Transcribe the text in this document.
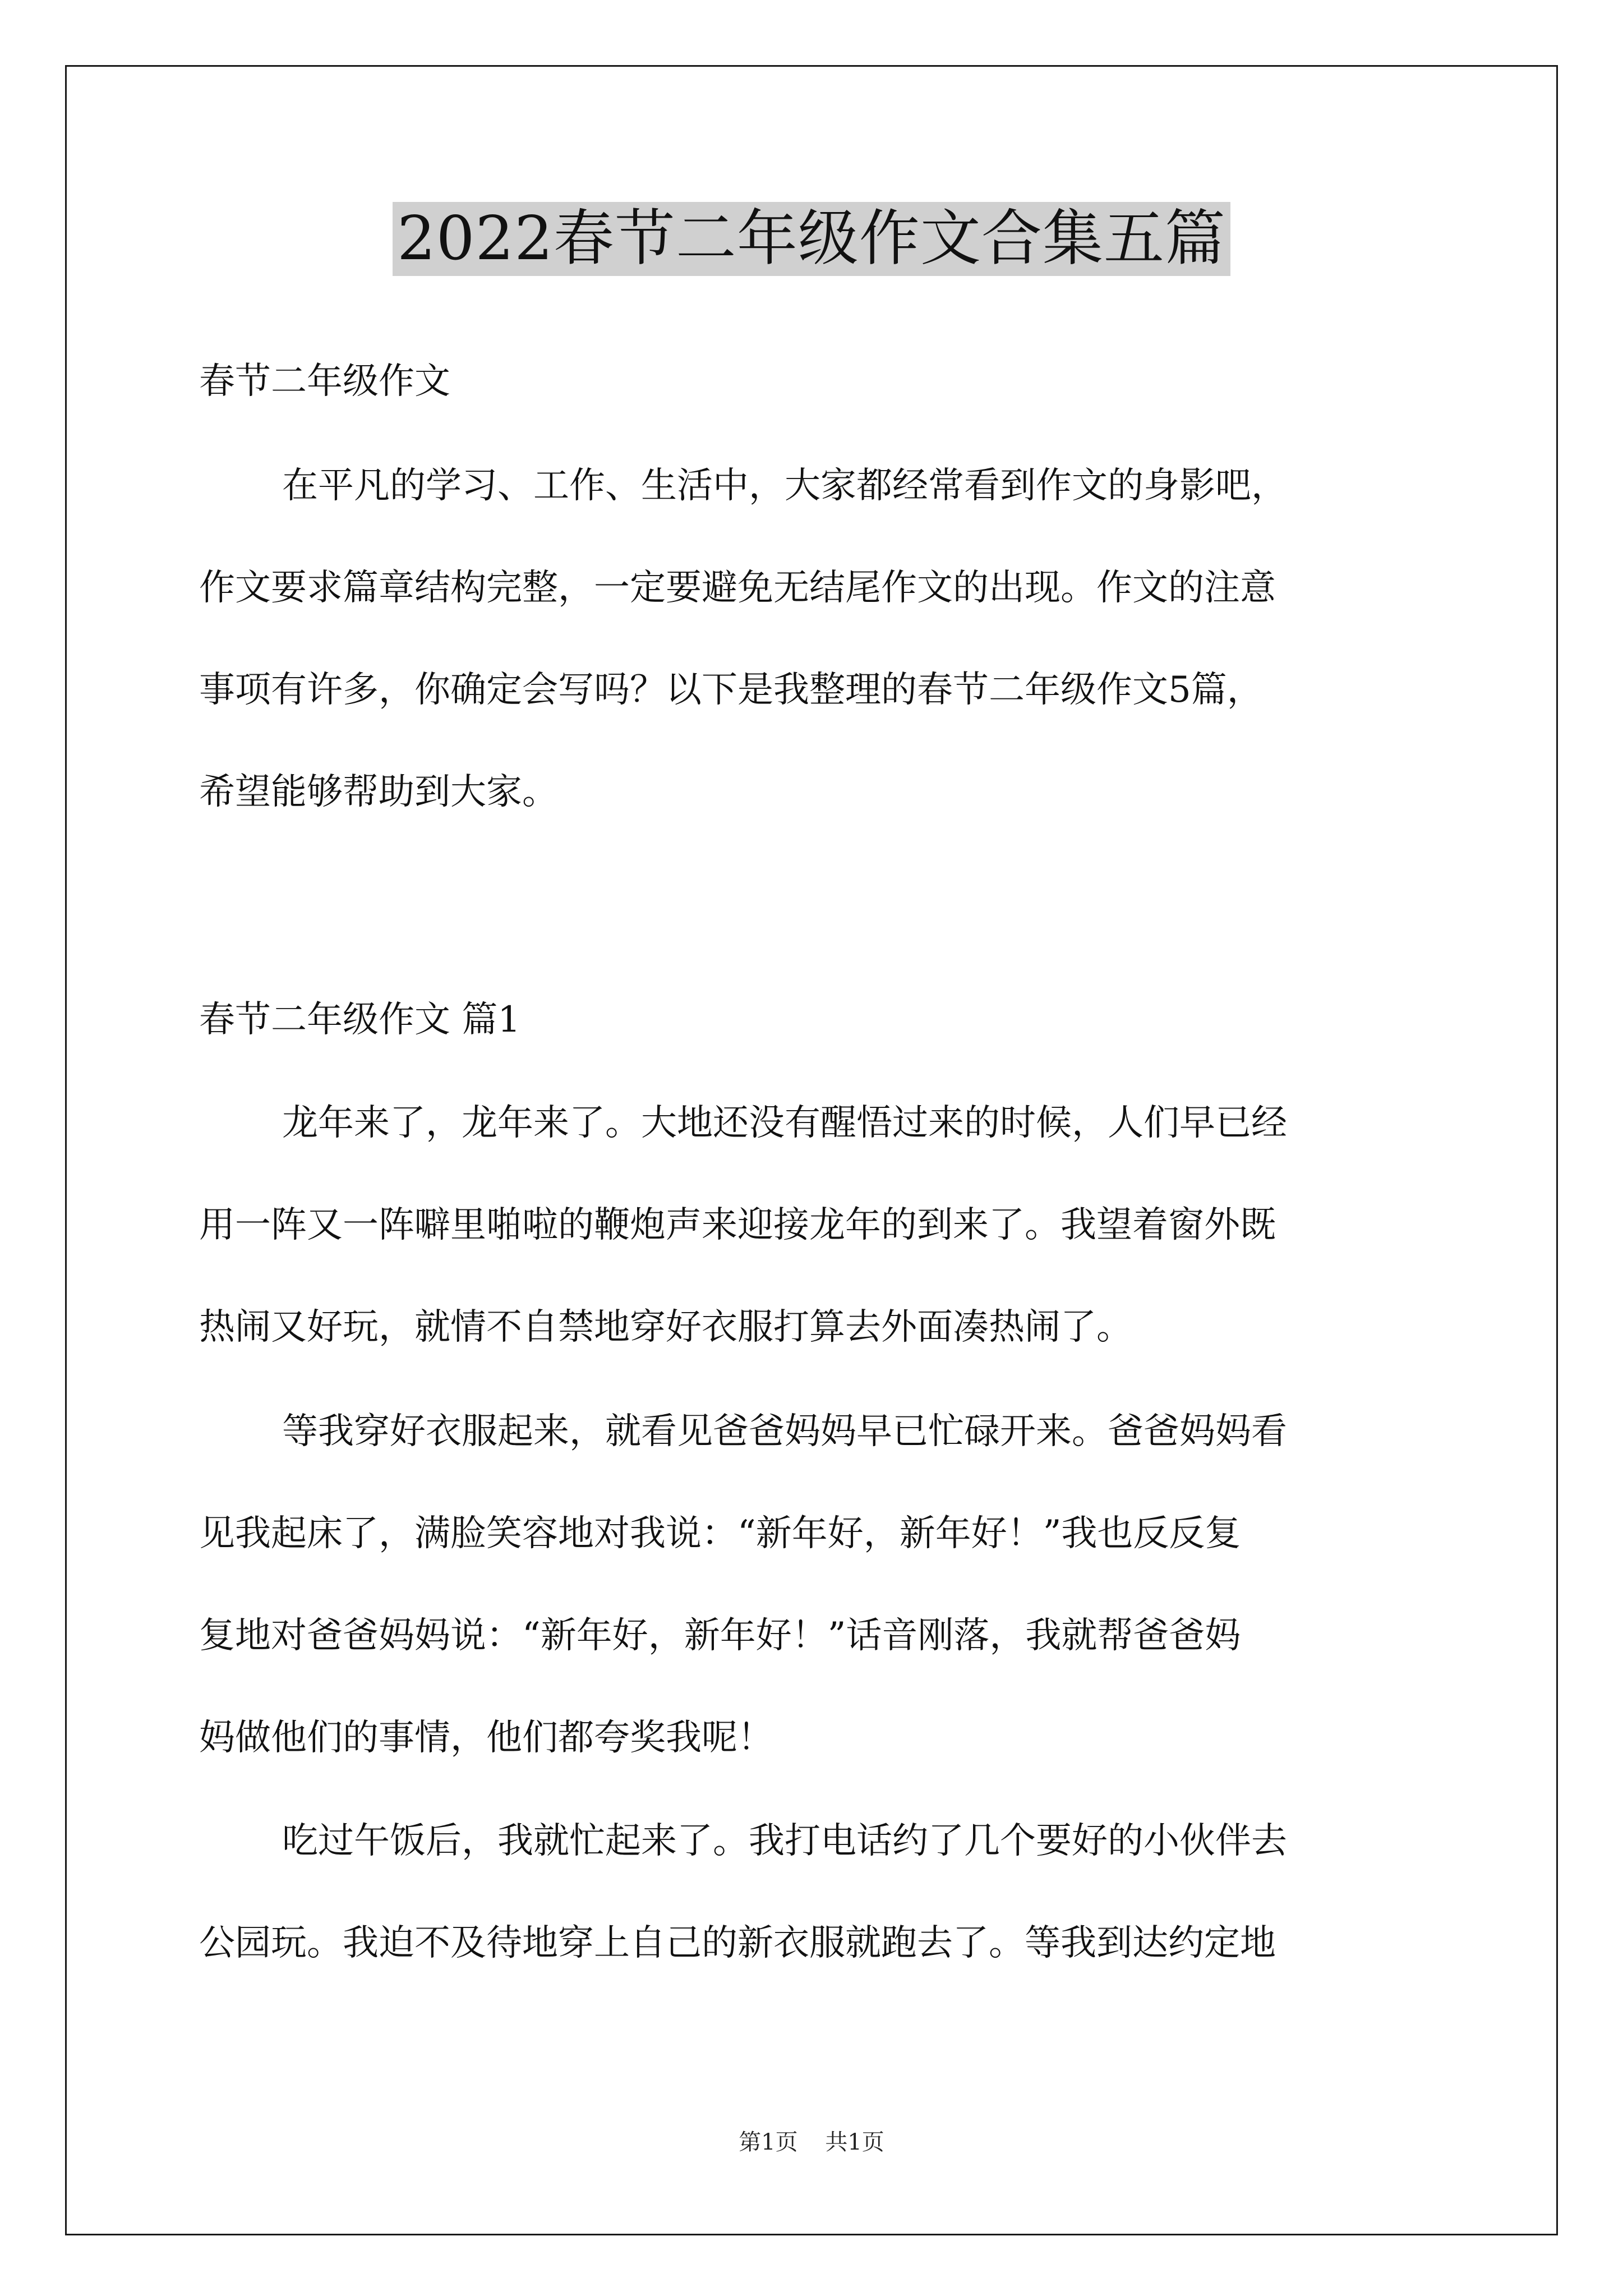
2022春节二年级作文合集五篇
春节二年级作文
在平凡的学习、工作、生活中，大家都经常看到作文的身影吧，
作文要求篇章结构完整，一定要避免无结尾作文的出现。作文的注意
事项有许多，你确定会写吗？以下是我整理的春节二年级作文5篇，
希望能够帮助到大家。
春节二年级作文 篇1
龙年来了，龙年来了。大地还没有醒悟过来的时候，人们早已经
用一阵又一阵噼里啪啦的鞭炮声来迎接龙年的到来了。我望着窗外既
热闹又好玩，就情不自禁地穿好衣服打算去外面凑热闹了。
等我穿好衣服起来，就看见爸爸妈妈早已忙碌开来。爸爸妈妈看
见我起床了，满脸笑容地对我说：“新年好，新年好！”我也反反复
复地对爸爸妈妈说：“新年好，新年好！”话音刚落，我就帮爸爸妈
妈做他们的事情，他们都夸奖我呢！
吃过午饭后，我就忙起来了。我打电话约了几个要好的小伙伴去
公园玩。我迫不及待地穿上自己的新衣服就跑去了。等我到达约定地
第1页 共1页
